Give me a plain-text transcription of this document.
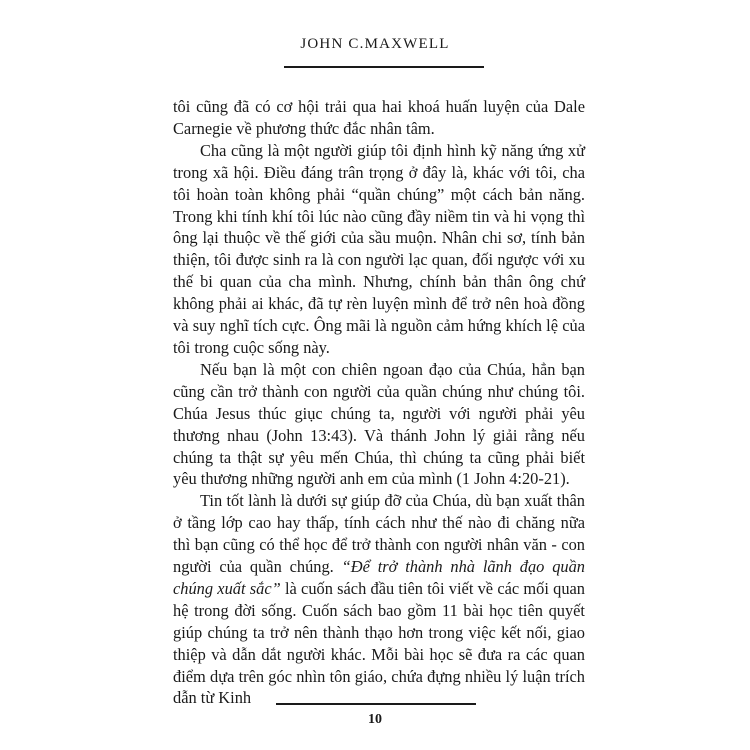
JOHN C.MAXWELL

tôi cũng đã có cơ hội trải qua hai khoá huấn luyện của Dale Carnegie về phương thức đắc nhân tâm.

Cha cũng là một người giúp tôi định hình kỹ năng ứng xử trong xã hội. Điều đáng trân trọng ở đây là, khác với tôi, cha tôi hoàn toàn không phải “quần chúng” một cách bản năng. Trong khi tính khí tôi lúc nào cũng đầy niềm tin và hi vọng thì ông lại thuộc về thế giới của sầu muộn. Nhân chi sơ, tính bản thiện, tôi được sinh ra là con người lạc quan, đối ngược với xu thế bi quan của cha mình. Nhưng, chính bản thân ông chứ không phải ai khác, đã tự rèn luyện mình để trở nên hoà đồng và suy nghĩ tích cực. Ông mãi là nguồn cảm hứng khích lệ của tôi trong cuộc sống này.

Nếu bạn là một con chiên ngoan đạo của Chúa, hẳn bạn cũng cần trở thành con người của quần chúng như chúng tôi. Chúa Jesus thúc giục chúng ta, người với người phải yêu thương nhau (John 13:43). Và thánh John lý giải rằng nếu chúng ta thật sự yêu mến Chúa, thì chúng ta cũng phải biết yêu thương những người anh em của mình (1 John 4:20-21).

Tin tốt lành là dưới sự giúp đỡ của Chúa, dù bạn xuất thân ở tầng lớp cao hay thấp, tính cách như thế nào đi chăng nữa thì bạn cũng có thể học để trở thành con người nhân văn - con người của quần chúng. “Để trở thành nhà lãnh đạo quần chúng xuất sắc” là cuốn sách đầu tiên tôi viết về các mối quan hệ trong đời sống. Cuốn sách bao gồm 11 bài học tiên quyết giúp chúng ta trở nên thành thạo hơn trong việc kết nối, giao thiệp và dẫn dắt người khác. Mỗi bài học sẽ đưa ra các quan điểm dựa trên góc nhìn tôn giáo, chứa đựng nhiều lý luận trích dẫn từ Kinh

10
